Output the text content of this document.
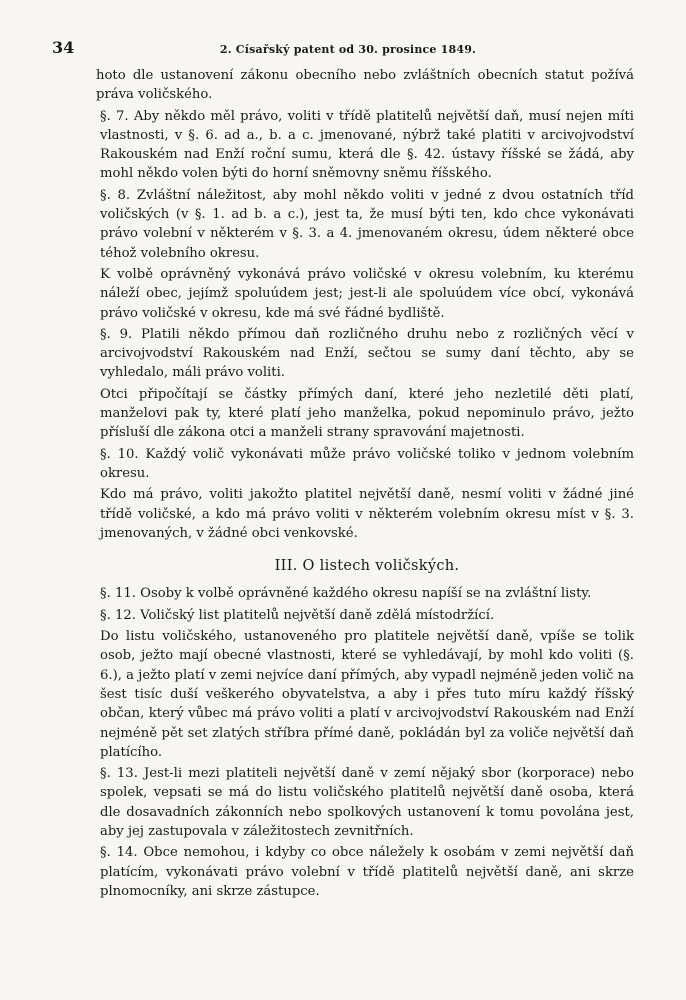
34	2. Císařský patent od 30. prosince 1849.

hoto dle ustanovení zákonu obecního nebo zvláštních obecních statut požívá práva voličského.

§. 7. Aby někdo měl právo, voliti v třídě platitelů největší daň, musí nejen míti vlastnosti, v §. 6. ad a., b. a c. jmenované, nýbrž také platiti v arcivojvodství Rakouském nad Enží roční sumu, která dle §. 42. ústavy říšské se žádá, aby mohl někdo volen býti do horní sněmovny sněmu říšského.

§. 8. Zvláštní náležitost, aby mohl někdo voliti v jedné z dvou ostatních tříd voličských (v §. 1. ad b. a c.), jest ta, že musí býti ten, kdo chce vykonávati právo volební v některém v §. 3. a 4. jmenovaném okresu, údem některé obce téhož volebního okresu.

K volbě oprávněný vykonává právo voličské v okresu volebním, ku kterému náleží obec, jejímž spoluúdem jest; jest-li ale spoluúdem více obcí, vykonává právo voličské v okresu, kde má své řádné bydliště.

§. 9. Platili někdo přímou daň rozličného druhu nebo z rozličných věcí v arcivojvodství Rakouském nad Enží, sečtou se sumy daní těchto, aby se vyhledalo, máli právo voliti.

Otci připočítají se částky přímých daní, které jeho nezletilé děti platí, manželovi pak ty, které platí jeho manželka, pokud nepominulo právo, ježto přísluší dle zákona otci a manželi strany spravování majetnosti.

§. 10. Každý volič vykonávati může právo voličské toliko v jednom volebním okresu.

Kdo má právo, voliti jakožto platitel největší daně, nesmí voliti v žádné jiné třídě voličské, a kdo má právo voliti v některém volebním okresu míst v §. 3. jmenovaných, v žádné obci venkovské.

III. O listech voličských.

§. 11. Osoby k volbě oprávněné každého okresu napíší se na zvláštní listy.

§. 12. Voličský list platitelů největší daně zdělá místodržící.

Do listu voličského, ustanoveného pro platitele největší daně, vpíše se tolik osob, ježto mají obecné vlastnosti, které se vyhledávají, by mohl kdo voliti (§. 6.), a ježto platí v zemi nejvíce daní přímých, aby vypadl nejméně jeden volič na šest tisíc duší veškerého obyvatelstva, a aby i přes tuto míru každý říšský občan, který vůbec má právo voliti a platí v arcivojvodství Rakouském nad Enží nejméně pět set zlatých stříbra přímé daně, pokládán byl za voliče největší daň platícího.

§. 13. Jest-li mezi platiteli největší daně v zemí nějaký sbor (korporace) nebo spolek, vepsati se má do listu voličského platitelů největší daně osoba, která dle dosavadních zákonních nebo spolkových ustanovení k tomu povolána jest, aby jej zastupovala v záležitostech zevnitřních.

§. 14. Obce nemohou, i kdyby co obce náležely k osobám v zemi největší daň platícím, vykonávati právo volební v třídě platitelů největší daně, ani skrze plnomocníky, ani skrze zástupce.
